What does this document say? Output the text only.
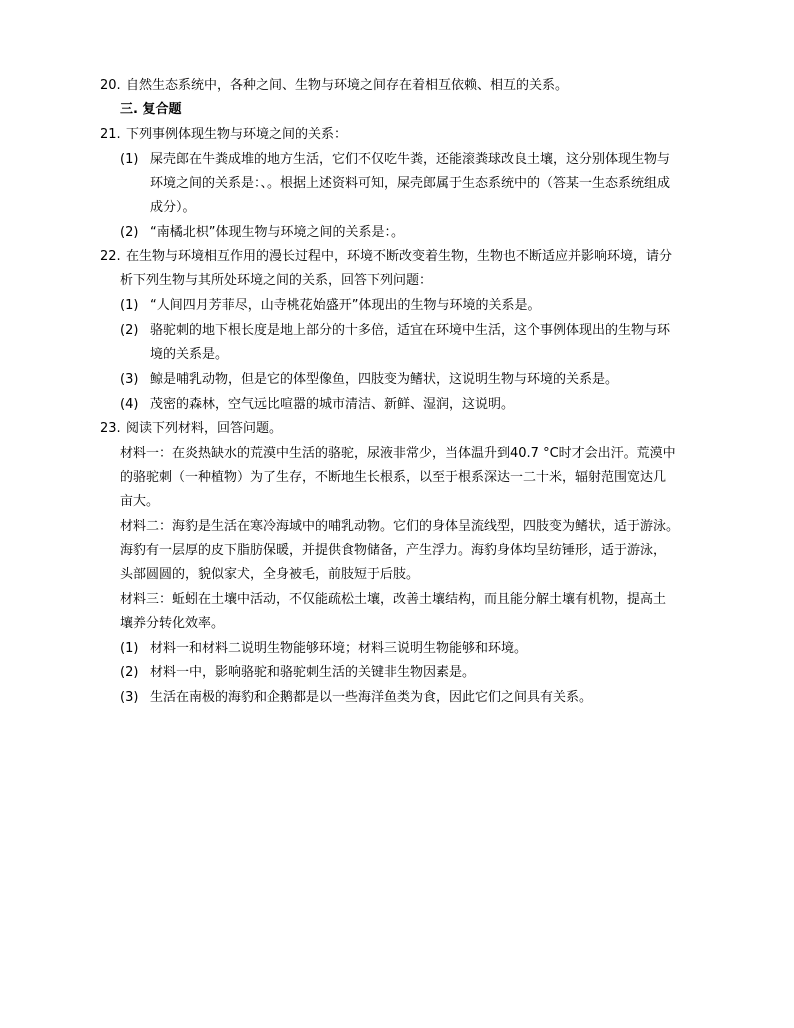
20. 自然生态系统中，各种之间、生物与环境之间存在着相互依赖、相互的关系。
三. 复合题
21. 下列事例体现生物与环境之间的关系：
(1) 屎壳郎在牛粪成堆的地方生活，它们不仅吃牛粪，还能滚粪球改良土壤，这分别体现生物与
环境之间的关系是：、。根据上述资料可知，屎壳郎属于生态系统中的（答某一生态系统组成
成分）。
(2) “南橘北枳”体现生物与环境之间的关系是：。
22. 在生物与环境相互作用的漫长过程中，环境不断改变着生物，生物也不断适应并影响环境，请分
析下列生物与其所处环境之间的关系，回答下列问题：
(1) “人间四月芳菲尽，山寺桃花始盛开”体现出的生物与环境的关系是。
(2) 骆驼刺的地下根长度是地上部分的十多倍，适宜在环境中生活，这个事例体现出的生物与环
境的关系是。
(3) 鲸是哺乳动物，但是它的体型像鱼，四肢变为鳍状，这说明生物与环境的关系是。
(4) 茂密的森林，空气远比喧嚣的城市清洁、新鲜、湿润，这说明。
23. 阅读下列材料，回答问题。
材料一：在炎热缺水的荒漠中生活的骆驼，尿液非常少，当体温升到40.7 °C时才会出汗。荒漠中
的骆驼刺（一种植物）为了生存，不断地生长根系，以至于根系深达一二十米，辐射范围宽达几
亩大。
材料二：海豹是生活在寒冷海域中的哺乳动物。它们的身体呈流线型，四肢变为鳍状，适于游泳。
海豹有一层厚的皮下脂肪保暖，并提供食物储备，产生浮力。海豹身体均呈纺锤形，适于游泳，
头部圆圆的，貌似家犬，全身被毛，前肢短于后肢。
材料三：蚯蚓在土壤中活动，不仅能疏松土壤，改善土壤结构，而且能分解土壤有机物，提高土
壤养分转化效率。
(1) 材料一和材料二说明生物能够环境；材料三说明生物能够和环境。
(2) 材料一中，影响骆驼和骆驼刺生活的关键非生物因素是。
(3) 生活在南极的海豹和企鹅都是以一些海洋鱼类为食，因此它们之间具有关系。
